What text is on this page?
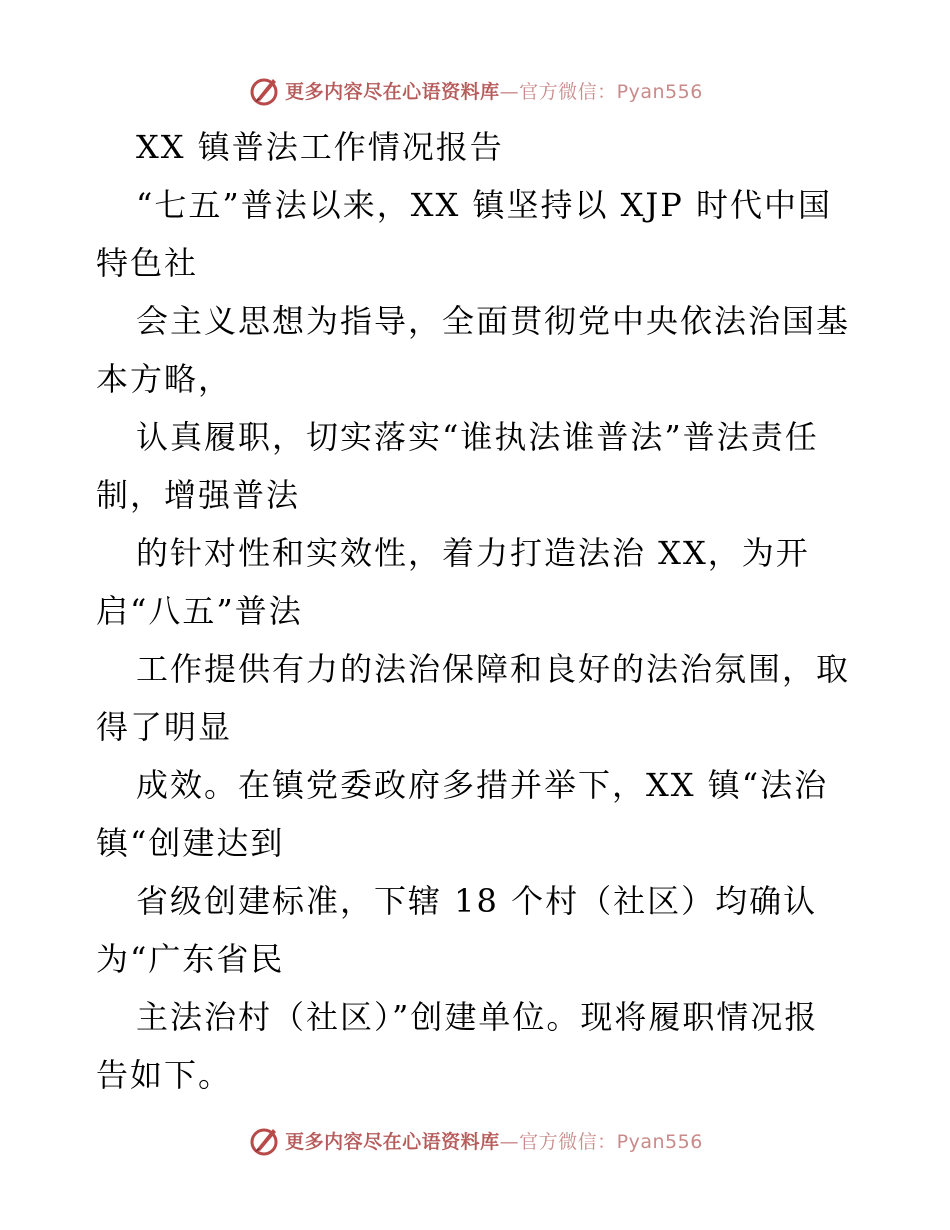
更多内容尽在心语资料库—官方微信：Pyan556
XX 镇普法工作情况报告
“七五”普法以来，XX 镇坚持以 XJP 时代中国
特色社
会主义思想为指导，全面贯彻党中央依法治国基
本方略，
认真履职，切实落实“谁执法谁普法”普法责任
制，增强普法
的针对性和实效性，着力打造法治 XX，为开
启“八五”普法
工作提供有力的法治保障和良好的法治氛围，取
得了明显
成效。在镇党委政府多措并举下，XX 镇“法治
镇“创建达到
省级创建标准，下辖 18 个村（社区）均确认
为“广东省民
主法治村（社区）”创建单位。现将履职情况报
告如下。
更多内容尽在心语资料库—官方微信：Pyan556
